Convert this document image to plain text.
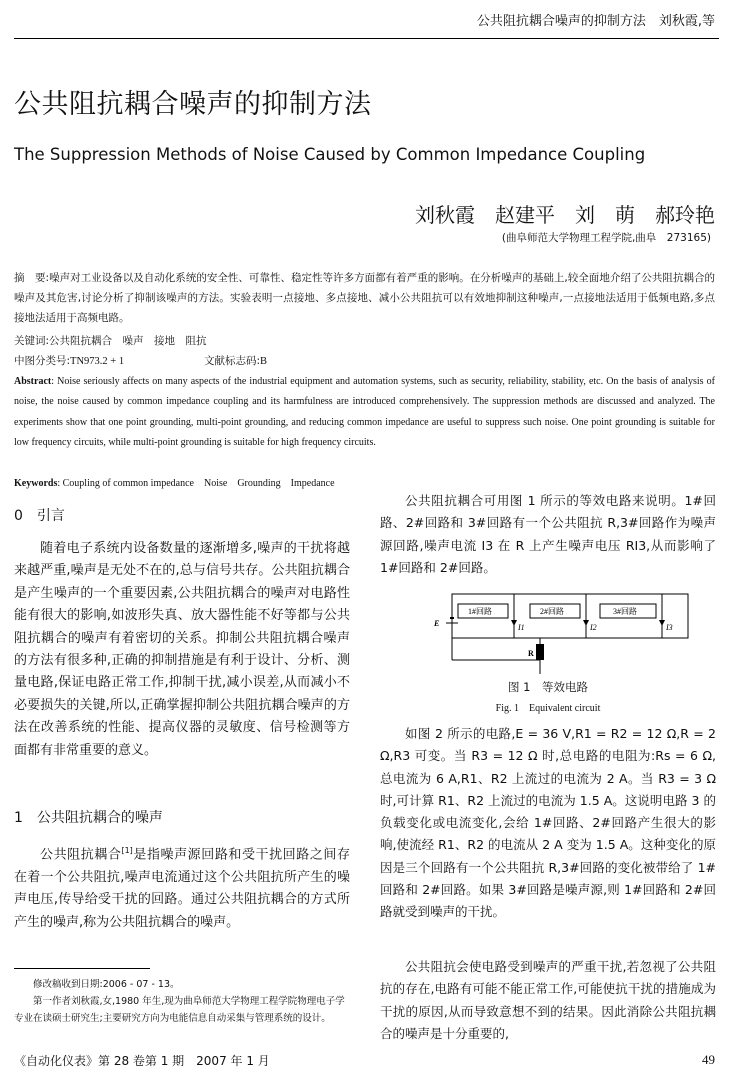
公共阻抗耦合噪声的抑制方法　刘秋霞,等
公共阻抗耦合噪声的抑制方法
The Suppression Methods of Noise Caused by Common Impedance Coupling
刘秋霞　赵建平　刘　萌　郝玲艳
(曲阜师范大学物理工程学院,曲阜　273165)
摘　要:噪声对工业设备以及自动化系统的安全性、可靠性、稳定性等许多方面都有着严重的影响。在分析噪声的基础上,较全面地介绍了公共阻抗耦合的噪声及其危害,讨论分析了抑制该噪声的方法。实验表明一点接地、多点接地、减小公共阻抗可以有效地抑制这种噪声,一点接地法适用于低频电路,多点接地法适用于高频电路。
关键词:公共阻抗耦合　噪声　接地　阻抗
中图分类号:TN973.2 + 1	文献标志码:B
Abstract: Noise seriously affects on many aspects of the industrial equipment and automation systems, such as security, reliability, stability, etc. On the basis of analysis of noise, the noise caused by common impedance coupling and its harmfulness are introduced comprehensively. The suppression methods are discussed and analyzed. The experiments show that one point grounding, multi-point grounding, and reducing common impedance are useful to suppress such noise. One point grounding is suitable for low frequency circuits, while multi-point grounding is suitable for high frequency circuits.
Keywords: Coupling of common impedance　Noise　Grounding　Impedance
0　引言

随着电子系统内设备数量的逐渐增多,噪声的干扰将越来越严重,噪声是无处不在的,总与信号共存。公共阻抗耦合是产生噪声的一个重要因素,公共阻抗耦合的噪声对电路性能有很大的影响,如波形失真、放大器性能不好等都与公共阻抗耦合的噪声有着密切的关系。抑制公共阻抗耦合噪声的方法有很多种,正确的抑制措施是有利于设计、分析、测量电路,保证电路正常工作,抑制干扰,减小误差,从而减小不必要损失的关键,所以,正确掌握抑制公共阻抗耦合噪声的方法在改善系统的性能、提高仪器的灵敏度、信号检测等方面都有非常重要的意义。

1　公共阻抗耦合的噪声

公共阻抗耦合[1]是指噪声源回路和受干扰回路之间存在着一个公共阻抗,噪声电流通过这个公共阻抗所产生的噪声电压,传导给受干扰的回路。通过公共阻抗耦合的方式所产生的噪声,称为公共阻抗耦合的噪声。

修改稿收到日期:2006 - 07 - 13。

第一作者刘秋霞,女,1980 年生,现为曲阜师范大学物理工程学院物理电子学专业在读硕士研究生;主要研究方向为电能信息自动采集与管理系统的设计。

公共阻抗耦合可用图 1 所示的等效电路来说明。1#回路、2#回路和 3#回路有一个公共阻抗 R,3#回路作为噪声源回路,噪声电流 I3 在 R 上产生噪声电压 RI3,从而影响了 1#回路和 2#回路。

1#回路	2#回路	3#回路
E
R
I1	I2	I3
图 1　等效电路
Fig. 1　Equivalent circuit

如图 2 所示的电路,E = 36 V,R1 = R2 = 12 Ω,R = 2 Ω,R3 可变。当 R3 = 12 Ω 时,总电路的电阻为:Rs = 6 Ω,总电流为 6 A,R1、R2 上流过的电流为 2 A。当 R3 = 3 Ω时,可计算 R1、R2 上流过的电流为 1.5 A。这说明电路 3 的负载变化或电流变化,会给 1#回路、2#回路产生很大的影响,使流经 R1、R2 的电流从 2 A 变为 1.5 A。这种变化的原因是三个回路有一个公共阻抗 R,3#回路的变化被带给了 1#回路和 2#回路。如果 3#回路是噪声源,则 1#回路和 2#回路就受到噪声的干扰。

公共阻抗会使电路受到噪声的严重干扰,若忽视了公共阻抗的存在,电路有可能不能正常工作,可能使抗干扰的措施成为干扰的原因,从而导致意想不到的结果。因此消除公共阻抗耦合的噪声是十分重要的,

《自动化仪表》第 28 卷第 1 期　2007 年 1 月	49
